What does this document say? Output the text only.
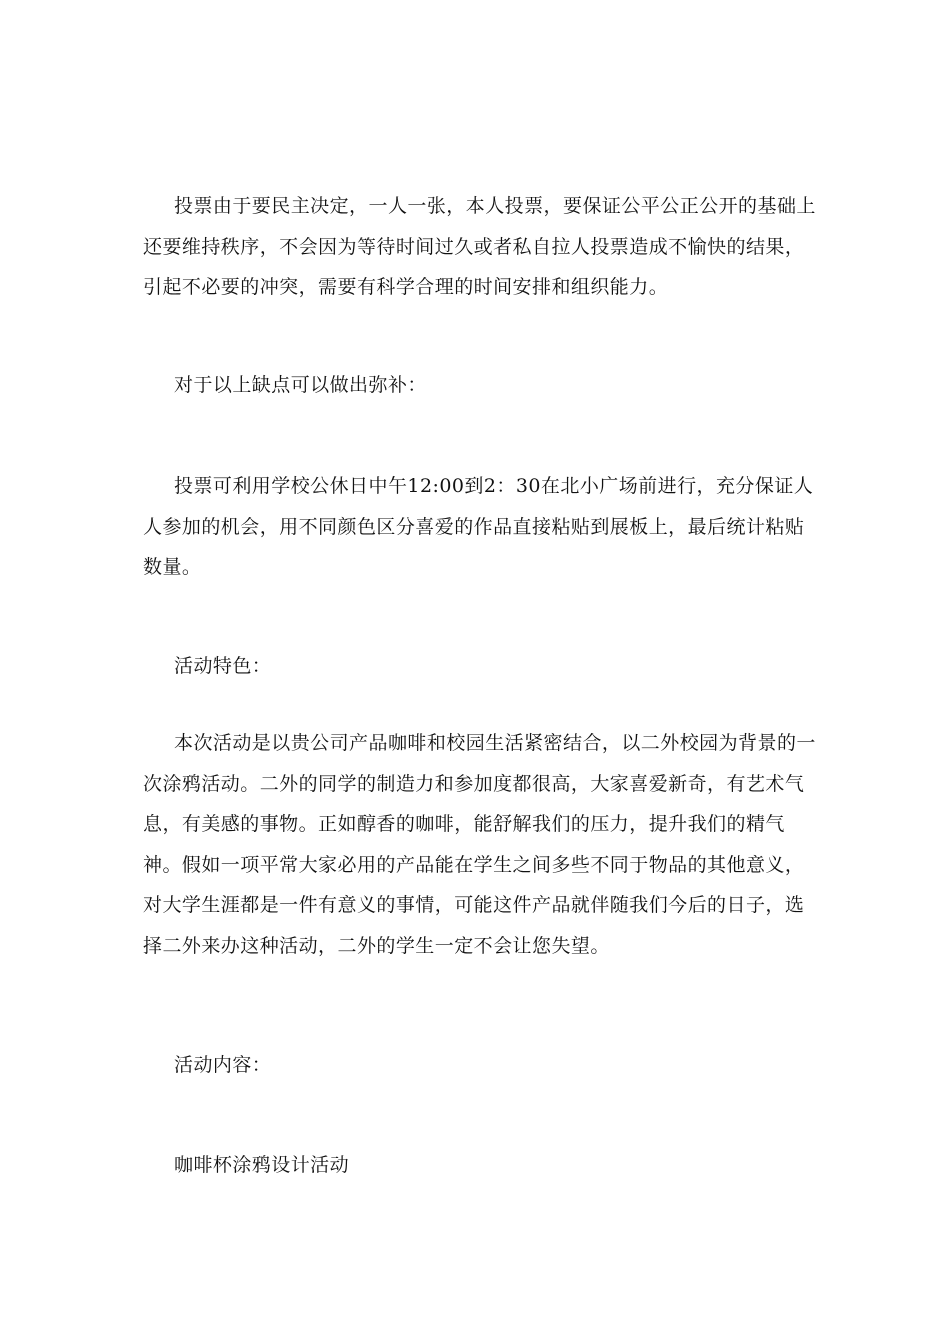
投票由于要民主决定，一人一张，本人投票，要保证公平公正公开的基础上还要维持秩序，不会因为等待时间过久或者私自拉人投票造成不愉快的结果，引起不必要的冲突，需要有科学合理的时间安排和组织能力。

对于以上缺点可以做出弥补：

投票可利用学校公休日中午12:00到2：30在北小广场前进行，充分保证人人参加的机会，用不同颜色区分喜爱的作品直接粘贴到展板上，最后统计粘贴数量。

活动特色：

本次活动是以贵公司产品咖啡和校园生活紧密结合，以二外校园为背景的一次涂鸦活动。二外的同学的制造力和参加度都很高，大家喜爱新奇，有艺术气息，有美感的事物。正如醇香的咖啡，能舒解我们的压力，提升我们的精气神。假如一项平常大家必用的产品能在学生之间多些不同于物品的其他意义，对大学生涯都是一件有意义的事情，可能这件产品就伴随我们今后的日子，选择二外来办这种活动，二外的学生一定不会让您失望。

活动内容：

咖啡杯涂鸦设计活动
